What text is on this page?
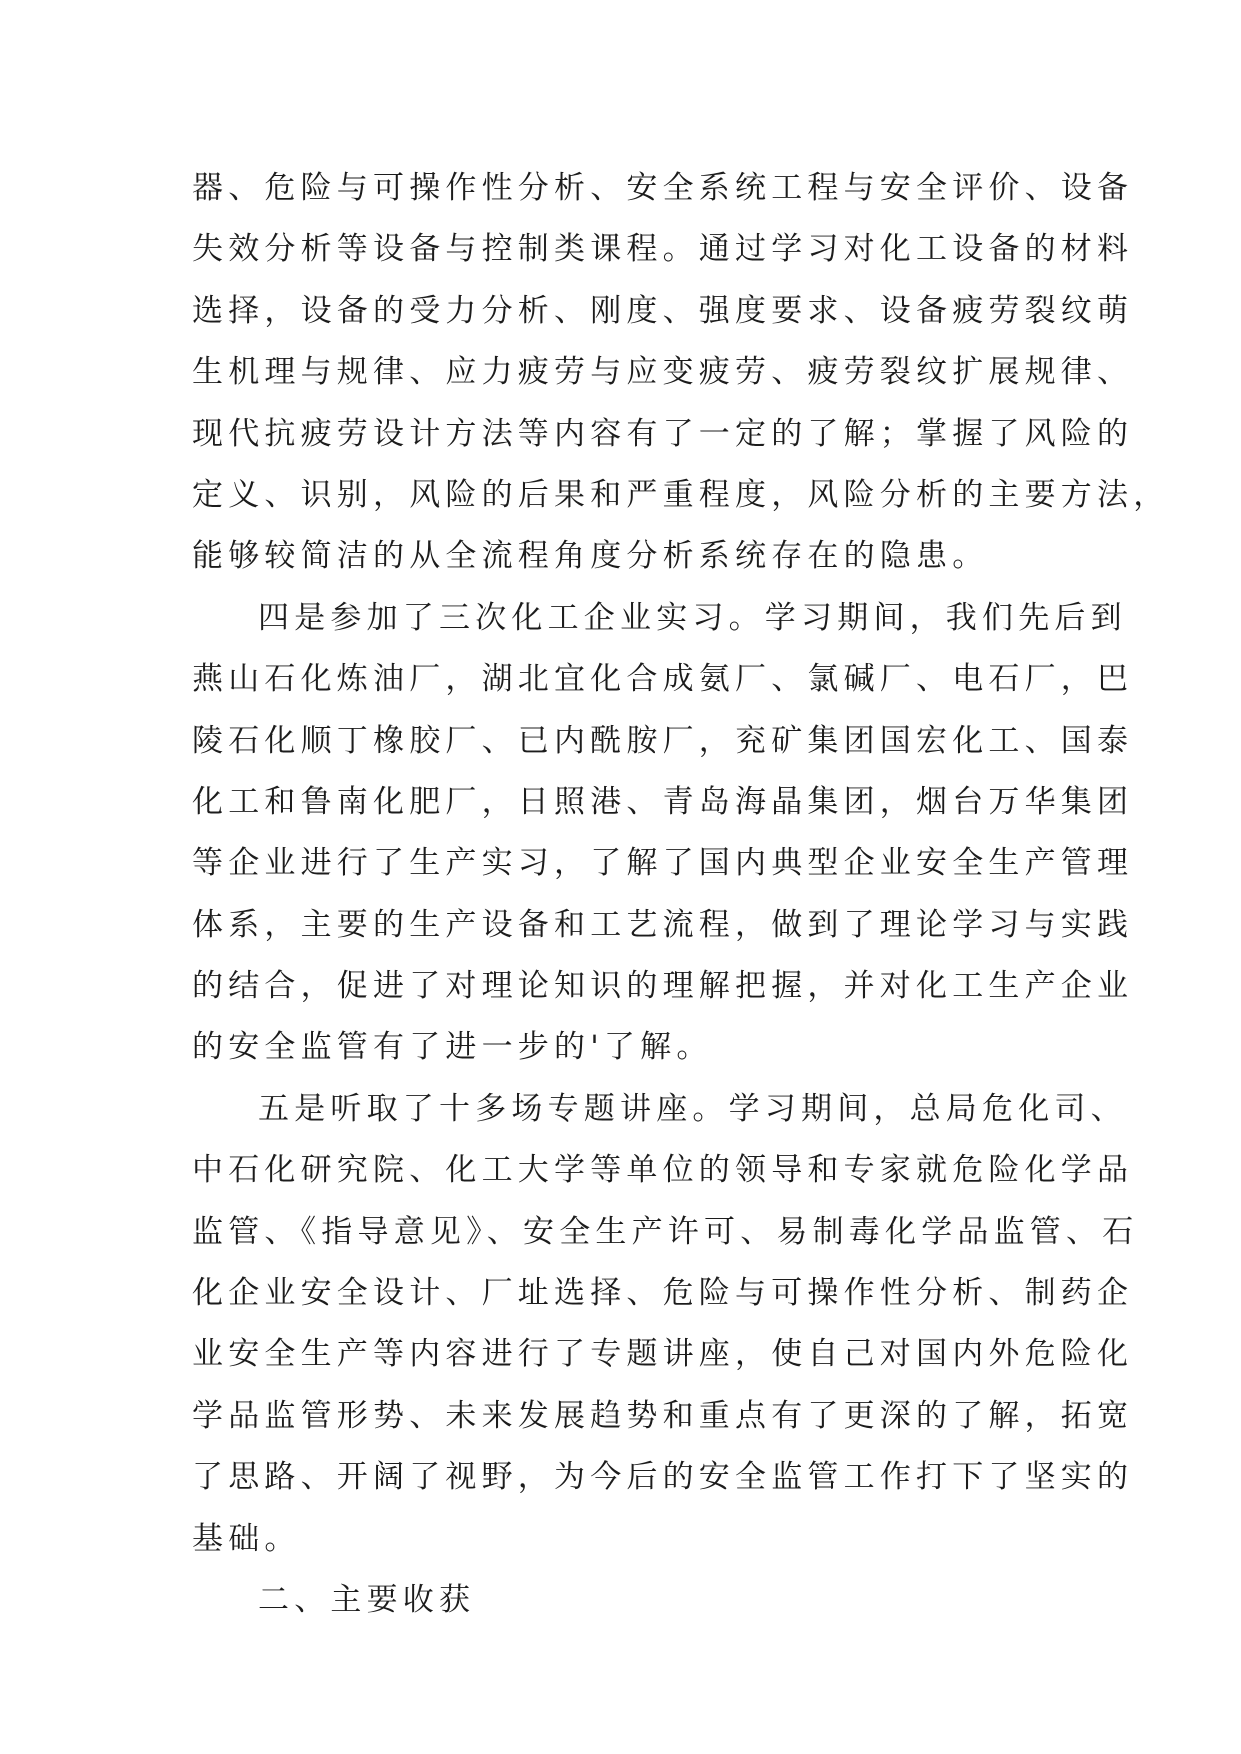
器、危险与可操作性分析、安全系统工程与安全评价、设备
失效分析等设备与控制类课程。通过学习对化工设备的材料
选择，设备的受力分析、刚度、强度要求、设备疲劳裂纹萌
生机理与规律、应力疲劳与应变疲劳、疲劳裂纹扩展规律、
现代抗疲劳设计方法等内容有了一定的了解；掌握了风险的
定义、识别，风险的后果和严重程度，风险分析的主要方法，
能够较简洁的从全流程角度分析系统存在的隐患。
四是参加了三次化工企业实习。学习期间，我们先后到
燕山石化炼油厂，湖北宜化合成氨厂、氯碱厂、电石厂，巴
陵石化顺丁橡胶厂、已内酰胺厂，兖矿集团国宏化工、国泰
化工和鲁南化肥厂，日照港、青岛海晶集团，烟台万华集团
等企业进行了生产实习，了解了国内典型企业安全生产管理
体系，主要的生产设备和工艺流程，做到了理论学习与实践
的结合，促进了对理论知识的理解把握，并对化工生产企业
的安全监管有了进一步的'了解。
五是听取了十多场专题讲座。学习期间，总局危化司、
中石化研究院、化工大学等单位的领导和专家就危险化学品
监管、《指导意见》、安全生产许可、易制毒化学品监管、石
化企业安全设计、厂址选择、危险与可操作性分析、制药企
业安全生产等内容进行了专题讲座，使自己对国内外危险化
学品监管形势、未来发展趋势和重点有了更深的了解，拓宽
了思路、开阔了视野，为今后的安全监管工作打下了坚实的
基础。
二、主要收获
